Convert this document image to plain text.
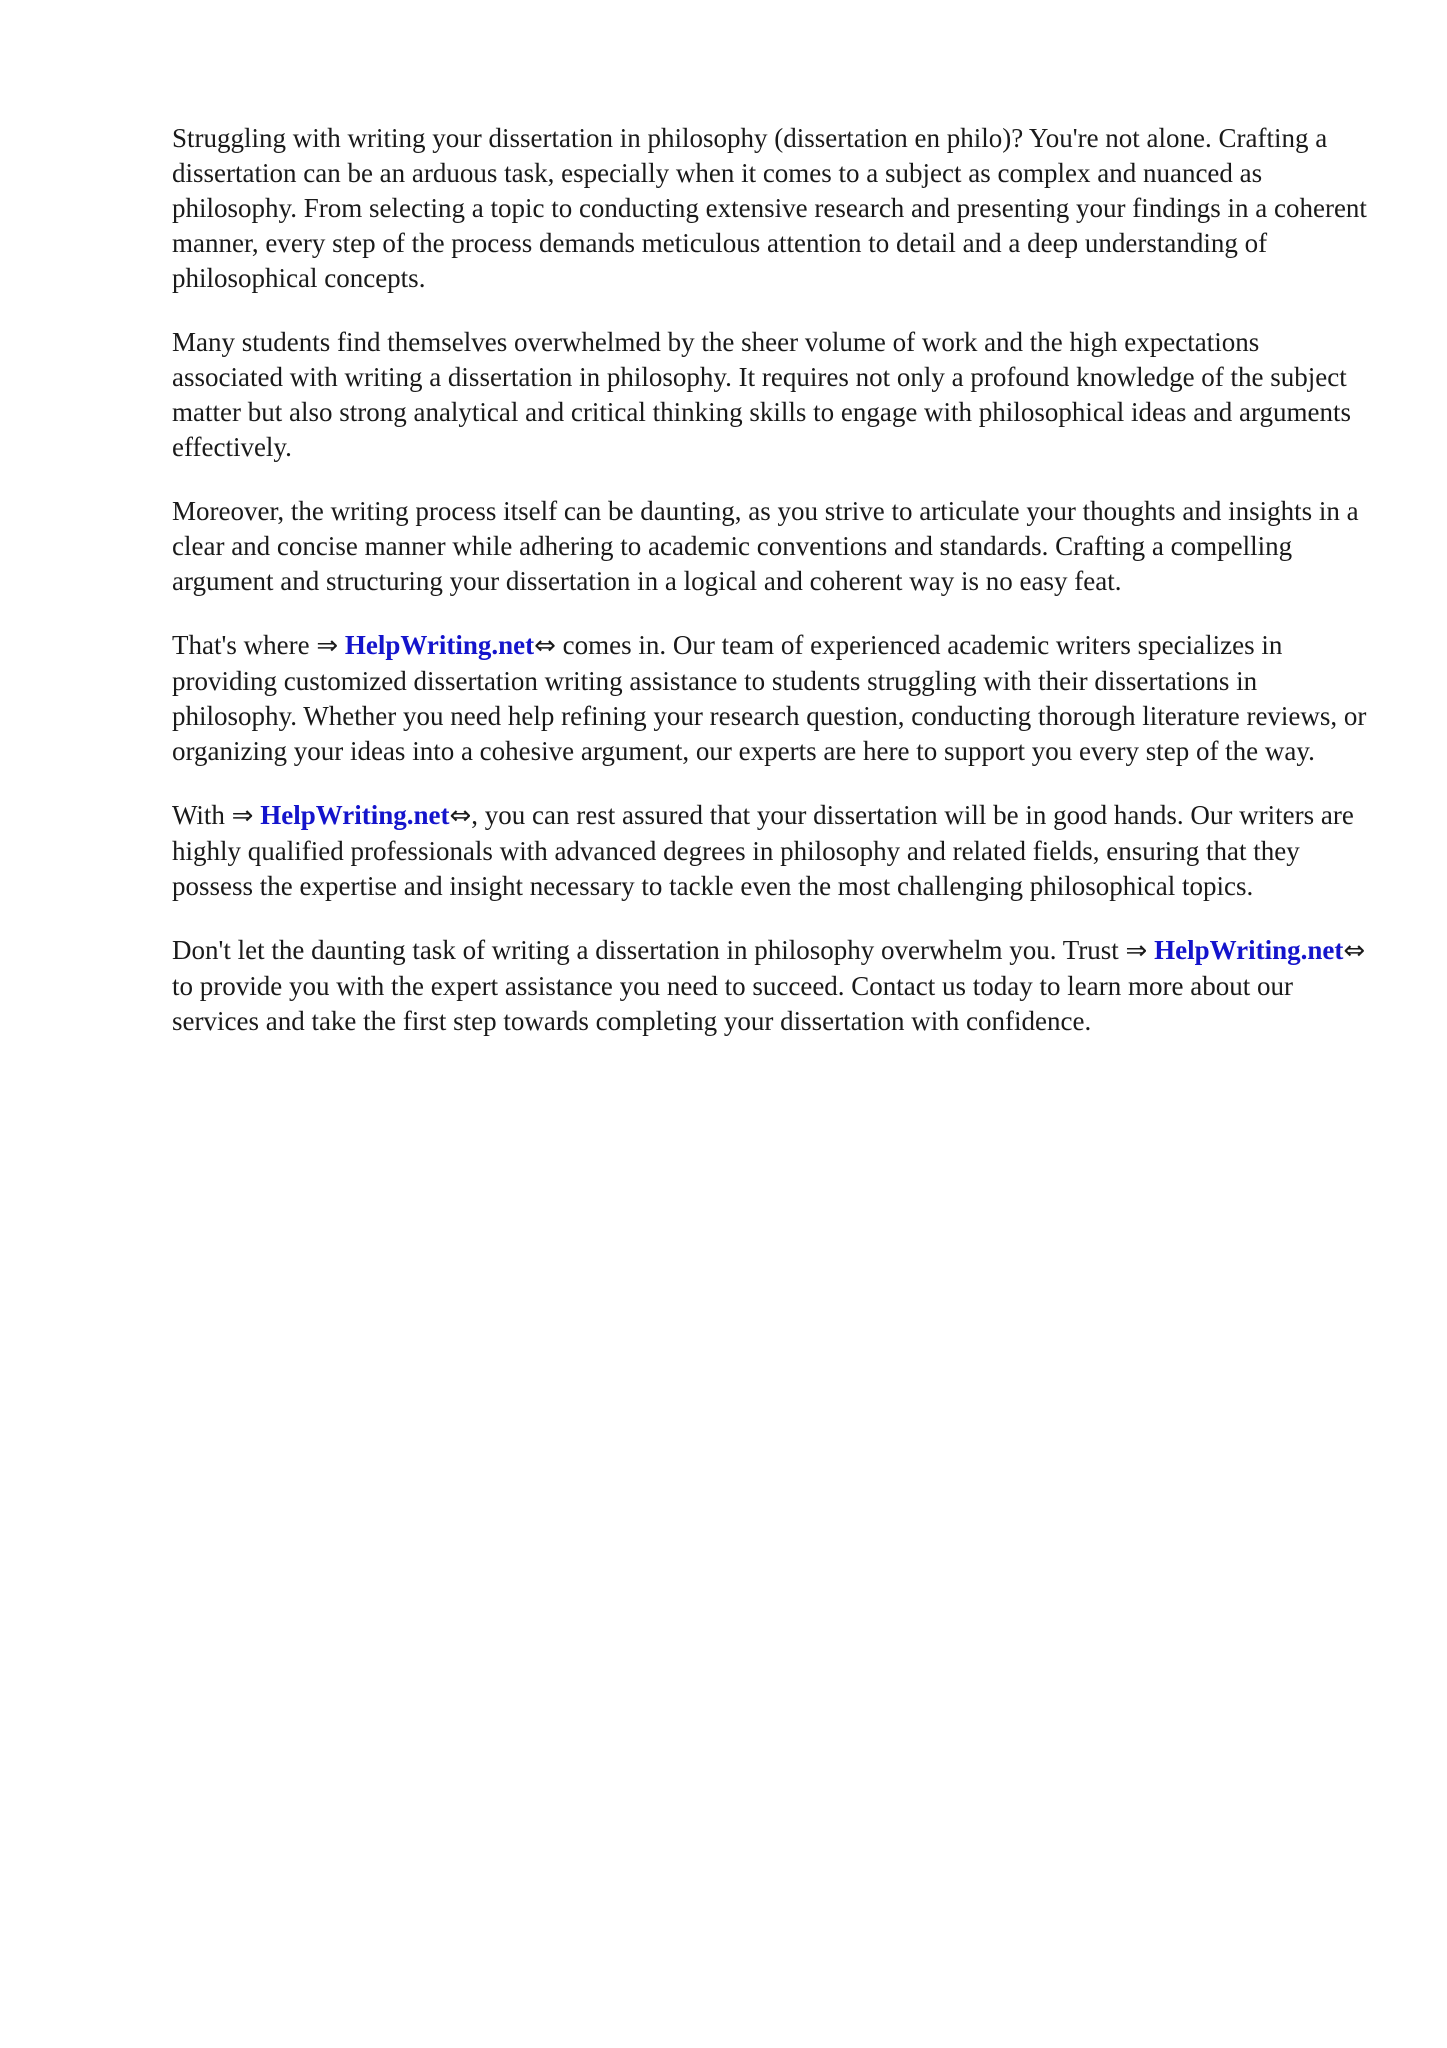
Struggling with writing your dissertation in philosophy (dissertation en philo)? You're not alone. Crafting a dissertation can be an arduous task, especially when it comes to a subject as complex and nuanced as philosophy. From selecting a topic to conducting extensive research and presenting your findings in a coherent manner, every step of the process demands meticulous attention to detail and a deep understanding of philosophical concepts.

Many students find themselves overwhelmed by the sheer volume of work and the high expectations associated with writing a dissertation in philosophy. It requires not only a profound knowledge of the subject matter but also strong analytical and critical thinking skills to engage with philosophical ideas and arguments effectively.

Moreover, the writing process itself can be daunting, as you strive to articulate your thoughts and insights in a clear and concise manner while adhering to academic conventions and standards. Crafting a compelling argument and structuring your dissertation in a logical and coherent way is no easy feat.

That's where ⇒ HelpWriting.net⇔ comes in. Our team of experienced academic writers specializes in providing customized dissertation writing assistance to students struggling with their dissertations in philosophy. Whether you need help refining your research question, conducting thorough literature reviews, or organizing your ideas into a cohesive argument, our experts are here to support you every step of the way.

With ⇒ HelpWriting.net⇔, you can rest assured that your dissertation will be in good hands. Our writers are highly qualified professionals with advanced degrees in philosophy and related fields, ensuring that they possess the expertise and insight necessary to tackle even the most challenging philosophical topics.

Don't let the daunting task of writing a dissertation in philosophy overwhelm you. Trust ⇒ HelpWriting.net⇔ to provide you with the expert assistance you need to succeed. Contact us today to learn more about our services and take the first step towards completing your dissertation with confidence.
